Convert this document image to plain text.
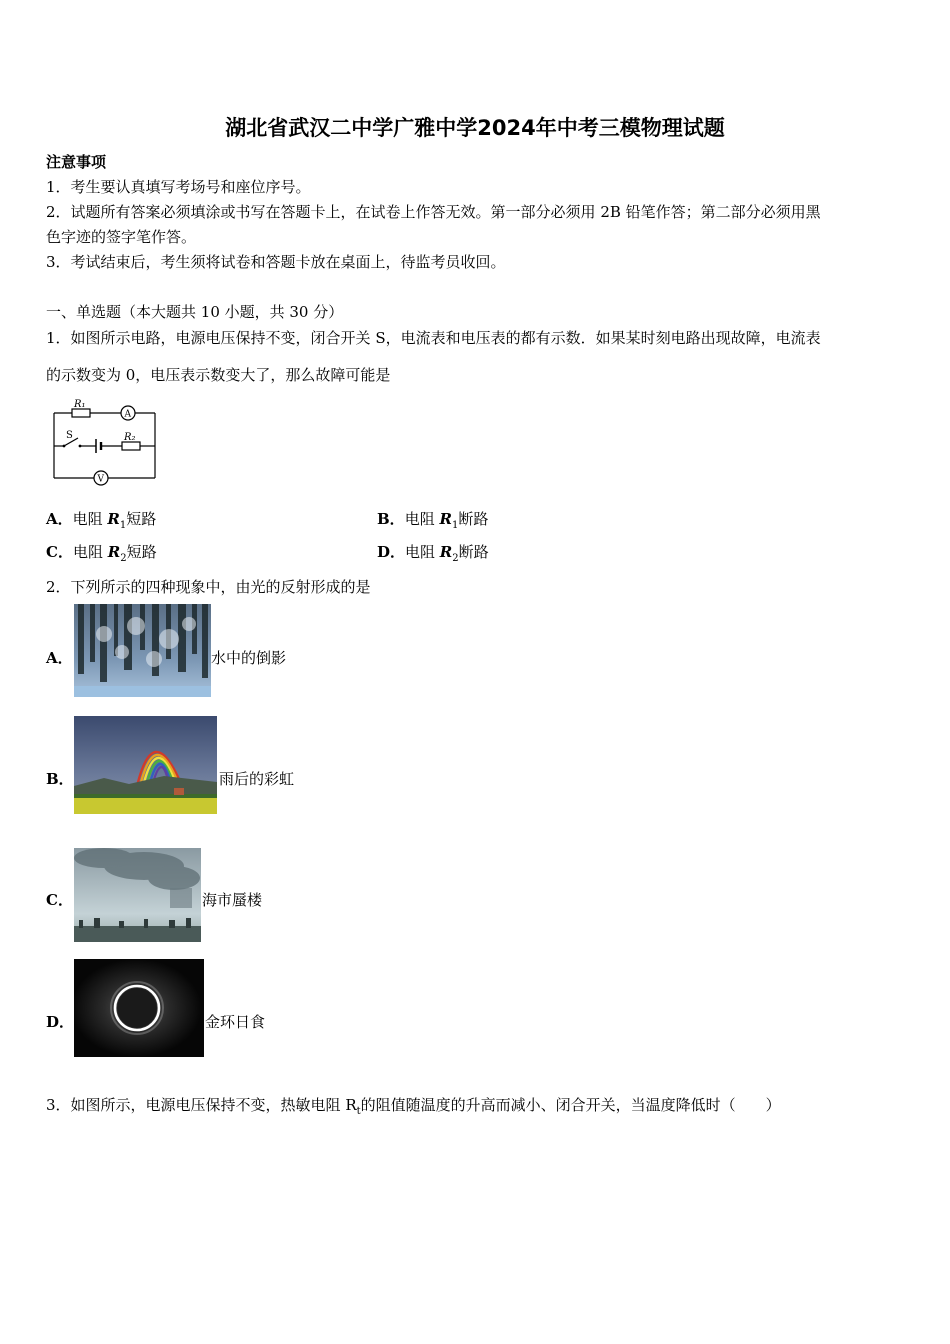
湖北省武汉二中学广雅中学2024年中考三模物理试题
注意事项
1．考生要认真填写考场号和座位序号。
2．试题所有答案必须填涂或书写在答题卡上，在试卷上作答无效。第一部分必须用 2B 铅笔作答；第二部分必须用黑
色字迹的签字笔作答。
3．考试结束后，考生须将试卷和答题卡放在桌面上，待监考员收回。
一、单选题（本大题共 10 小题，共 30 分）
1．如图所示电路，电源电压保持不变，闭合开关 S，电流表和电压表的都有示数．如果某时刻电路出现故障，电流表
的示数变为 0，电压表示数变大了，那么故障可能是
R₁
R₂
S
A
V
A．电阻 $R_1$短路	B．电阻 $R_1$断路
C．电阻 $R_2$短路	D．电阻 $R_2$断路
2．下列所示的四种现象中，由光的反射形成的是
A．	水中的倒影
B．	雨后的彩虹
C．	海市蜃楼
D．	金环日食
3．如图所示，电源电压保持不变，热敏电阻 $R_t$的阻值随温度的升高而减小、闭合开关，当温度降低时（　　）
